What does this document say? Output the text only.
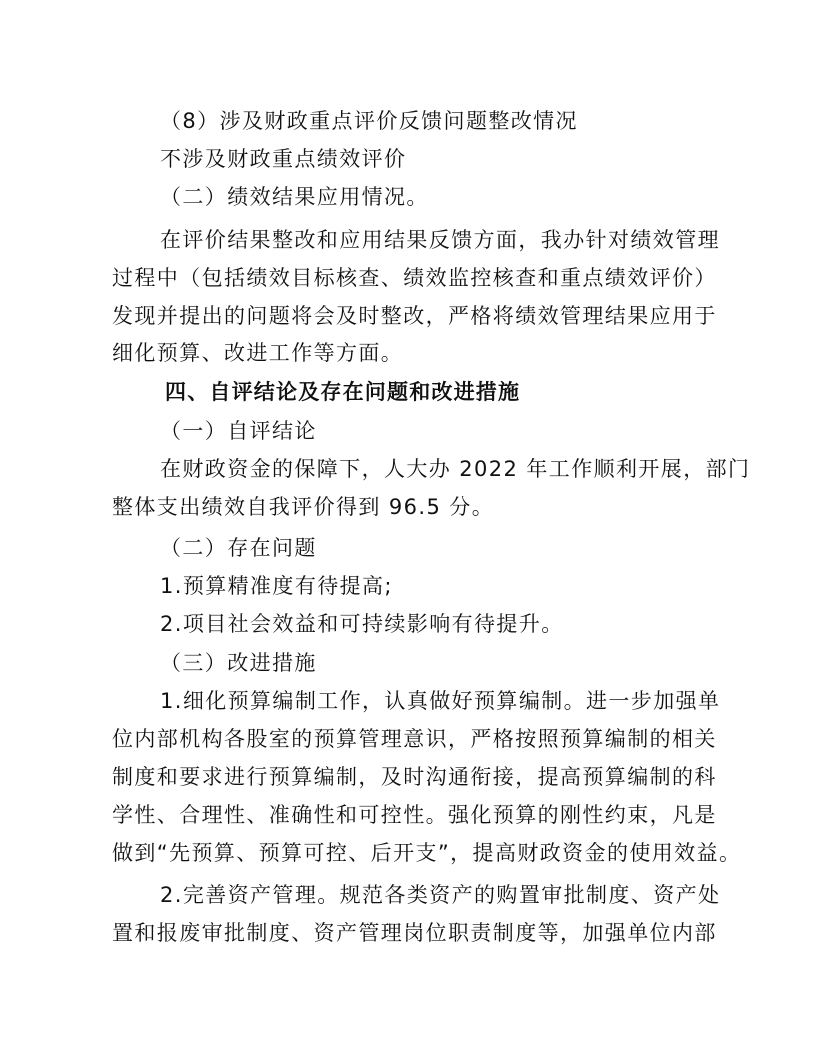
（8）涉及财政重点评价反馈问题整改情况
不涉及财政重点绩效评价
（二）绩效结果应用情况。
在评价结果整改和应用结果反馈方面，我办针对绩效管理
过程中（包括绩效目标核查、绩效监控核查和重点绩效评价）
发现并提出的问题将会及时整改，严格将绩效管理结果应用于
细化预算、改进工作等方面。
四、自评结论及存在问题和改进措施
（一）自评结论
在财政资金的保障下，人大办 2022 年工作顺利开展，部门
整体支出绩效自我评价得到 96.5 分。
（二）存在问题
1.预算精准度有待提高;
2.项目社会效益和可持续影响有待提升。
（三）改进措施
1.细化预算编制工作，认真做好预算编制。进一步加强单
位内部机构各股室的预算管理意识，严格按照预算编制的相关
制度和要求进行预算编制，及时沟通衔接，提高预算编制的科
学性、合理性、准确性和可控性。强化预算的刚性约束，凡是
做到“先预算、预算可控、后开支”，提高财政资金的使用效益。
2.完善资产管理。规范各类资产的购置审批制度、资产处
置和报废审批制度、资产管理岗位职责制度等，加强单位内部
